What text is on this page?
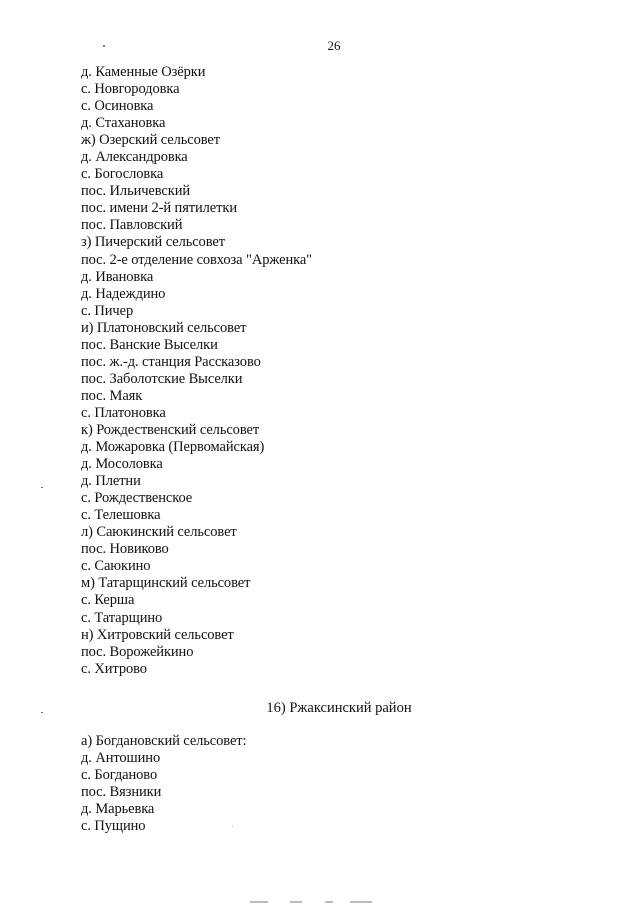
26
д. Каменные Озёрки
с. Новгородовка
с. Осиновка
д. Стахановка
ж) Озерский сельсовет
д. Александровка
с. Богословка
пос. Ильичевский
пос. имени 2-й пятилетки
пос. Павловский
з) Пичерский сельсовет
пос. 2-е отделение совхоза "Арженка"
д. Ивановка
д. Надеждино
с. Пичер
и) Платоновский сельсовет
пос. Ванские Выселки
пос. ж.-д. станция Рассказово
пос. Заболотские Выселки
пос. Маяк
с. Платоновка
к) Рождественский сельсовет
д. Можаровка (Первомайская)
д. Мосоловка
д. Плетни
с. Рождественское
с. Телешовка
л) Саюкинский сельсовет
пос. Новиково
с. Саюкино
м) Татарщинский сельсовет
с. Керша
с. Татарщино
н) Хитровский сельсовет
пос. Ворожейкино
с. Хитрово
16) Ржаксинский район
а) Богдановский сельсовет:
д. Антошино
с. Богданово
пос. Вязники
д. Марьевка
с. Пущино
